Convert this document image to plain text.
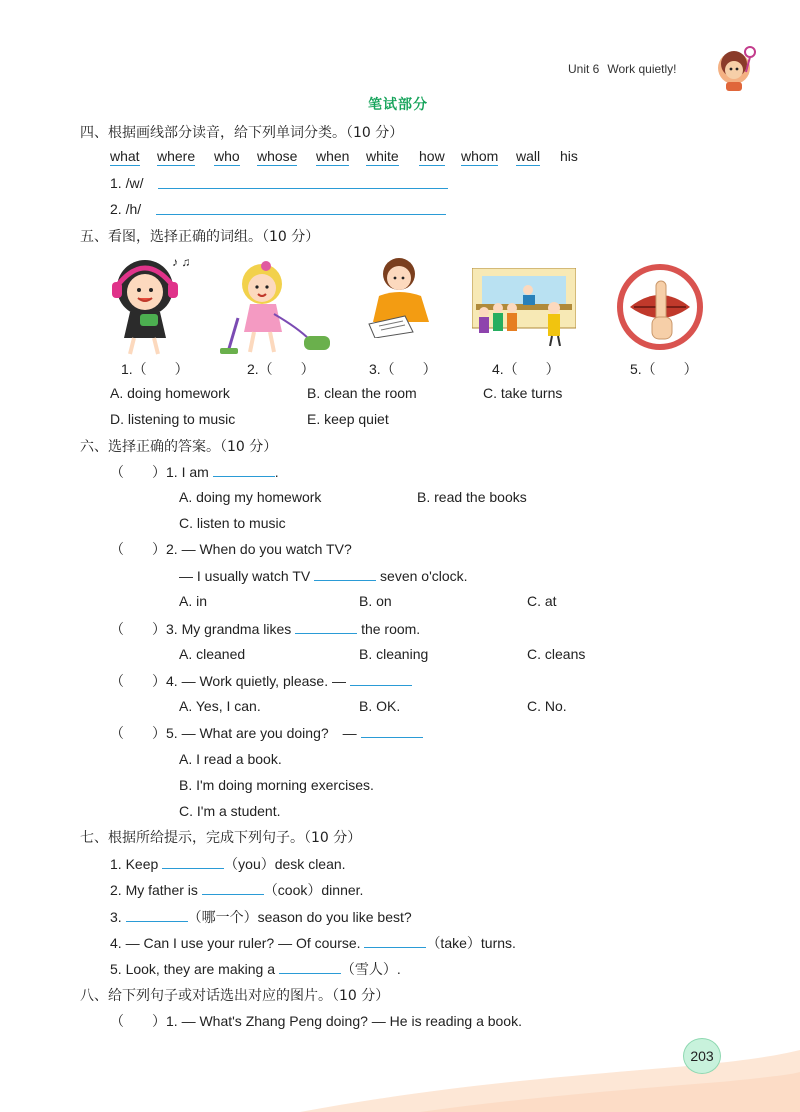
Unit 6 Work quietly!
笔试部分
四、根据画线部分读音，给下列单词分类。（10 分）
what where who whose when white how whom wall his
1. /w/
2. /h/
五、看图，选择正确的词组。（10 分）
♪ ♫
1.（　　）	2.（　　）	3.（　　）	4.（　　）	5.（　　）
A. doing homework	B. clean the room	C. take turns
D. listening to music	E. keep quiet
六、选择正确的答案。（10 分）
（　　）1. I am	.
A. doing my homework	B. read the books
C. listen to music
（　　）2. — When do you watch TV?
— I usually watch TV	seven o'clock.
A. in	B. on	C. at
（　　）3. My grandma likes	the room.
A. cleaned	B. cleaning	C. cleans
（　　）4. — Work quietly, please. —
A. Yes, I can.	B. OK.	C. No.
（　　）5. — What are you doing?　—
A. I read a book.
B. I'm doing morning exercises.
C. I'm a student.
七、根据所给提示，完成下列句子。（10 分）
1. Keep	（you）desk clean.
2. My father is	（cook）dinner.
3.	（哪一个）season do you like best?
4. — Can I use your ruler? — Of course.	（take）turns.
5. Look, they are making a	（雪人）.
八、给下列句子或对话选出对应的图片。（10 分）
（　　）1. — What's Zhang Peng doing? — He is reading a book.
203
